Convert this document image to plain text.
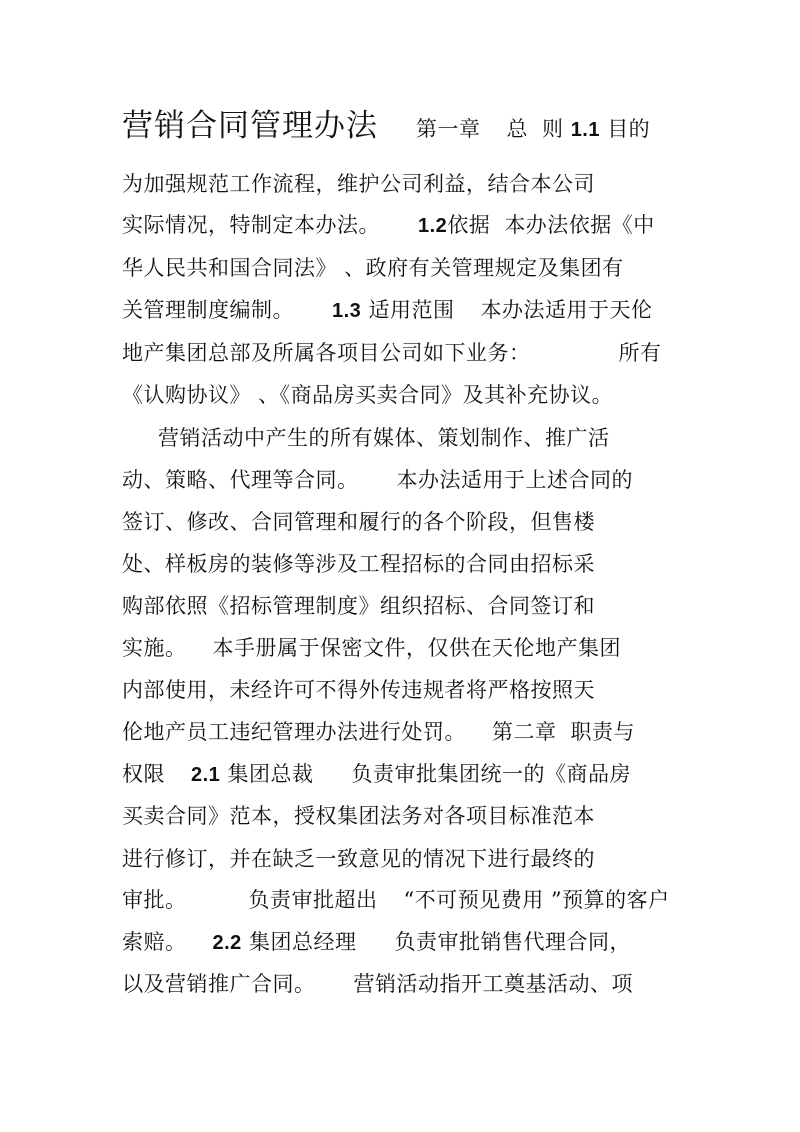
营销合同管理办法 第一章 总 则 1.1 目的
为加强规范工作流程，维护公司利益，结合本公司
实际情况，特制定本办法。 1.2依据 本办法依据《中
华人民共和国合同法》 、政府有关管理规定及集团有
关管理制度编制。 1.3 适用范围 本办法适用于天伦
地产集团总部及所属各项目公司如下业务：	所有
《认购协议》 、《商品房买卖合同》及其补充协议。
营销活动中产生的所有媒体、策划制作、推广活
动、策略、代理等合同。 本办法适用于上述合同的
签订、修改、合同管理和履行的各个阶段，但售楼
处、样板房的装修等涉及工程招标的合同由招标采
购部依照《招标管理制度》组织招标、合同签订和
实施。 本手册属于保密文件，仅供在天伦地产集团
内部使用，未经许可不得外传违规者将严格按照天
伦地产员工违纪管理办法进行处罚。 第二章 职责与
权限 2.1 集团总裁 负责审批集团统一的《商品房
买卖合同》范本，授权集团法务对各项目标准范本
进行修订，并在缺乏一致意见的情况下进行最终的
审批。	负责审批超出 “不可预见费用 ”预算的客户
索赔。 2.2 集团总经理 负责审批销售代理合同，
以及营销推广合同。 营销活动指开工奠基活动、项
